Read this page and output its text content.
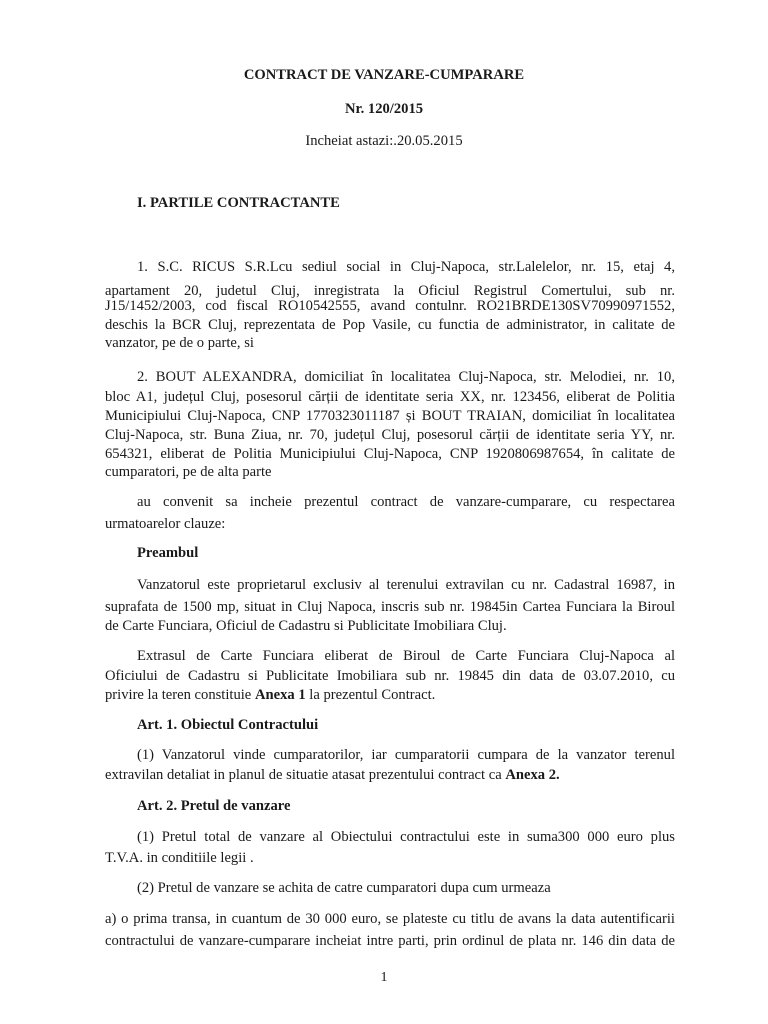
CONTRACT DE VANZARE-CUMPARARE
Nr. 120/2015
Incheiat astazi:.20.05.2015
I. PARTILE CONTRACTANTE
1. S.C. RICUS S.R.Lcu sediul social in Cluj-Napoca, str.Lalelelor, nr. 15, etaj 4,
apartament 20, judetul Cluj, inregistrata la Oficiul Registrul Comertului, sub nr.
J15/1452/2003, cod fiscal RO10542555, avand contulnr. RO21BRDE130SV70990971552,
deschis la BCR Cluj, reprezentata de Pop Vasile, cu functia de administrator, in calitate de
vanzator, pe de o parte, si
2. BOUT ALEXANDRA, domiciliat în localitatea Cluj-Napoca, str. Melodiei, nr. 10,
bloc A1, județul Cluj, posesorul cărții de identitate seria XX, nr. 123456, eliberat de Politia
Municipiului Cluj-Napoca, CNP 1770323011187 și BOUT TRAIAN, domiciliat în localitatea
Cluj-Napoca, str. Buna Ziua, nr. 70, județul Cluj, posesorul cărții de identitate seria YY, nr.
654321, eliberat de Politia Municipiului Cluj-Napoca, CNP 1920806987654, în calitate de
cumparatori, pe de alta parte
au convenit sa incheie prezentul contract de vanzare-cumparare, cu respectarea
urmatoarelor clauze:
Preambul
Vanzatorul este proprietarul exclusiv al terenului extravilan cu nr. Cadastral 16987, in
suprafata de 1500 mp, situat in Cluj Napoca, inscris sub nr. 19845in Cartea Funciara la Biroul
de Carte Funciara, Oficiul de Cadastru si Publicitate Imobiliara Cluj.
Extrasul de Carte Funciara eliberat de Biroul de Carte Funciara Cluj-Napoca al
Oficiului de Cadastru si Publicitate Imobiliara sub nr. 19845 din data de 03.07.2010, cu
privire la teren constituie Anexa 1 la prezentul Contract.
Art. 1. Obiectul Contractului
(1) Vanzatorul vinde cumparatorilor, iar cumparatorii cumpara de la vanzator terenul
extravilan detaliat in planul de situatie atasat prezentului contract ca Anexa 2.
Art. 2. Pretul de vanzare
(1) Pretul total de vanzare al Obiectului contractului este in suma300 000 euro plus
T.V.A. in conditiile legii .
(2) Pretul de vanzare se achita de catre cumparatori dupa cum urmeaza
a) o prima transa, in cuantum de 30 000 euro, se plateste cu titlu de avans la data autentificarii
contractului de vanzare-cumparare incheiat intre parti, prin ordinul de plata nr. 146 din data de
1
